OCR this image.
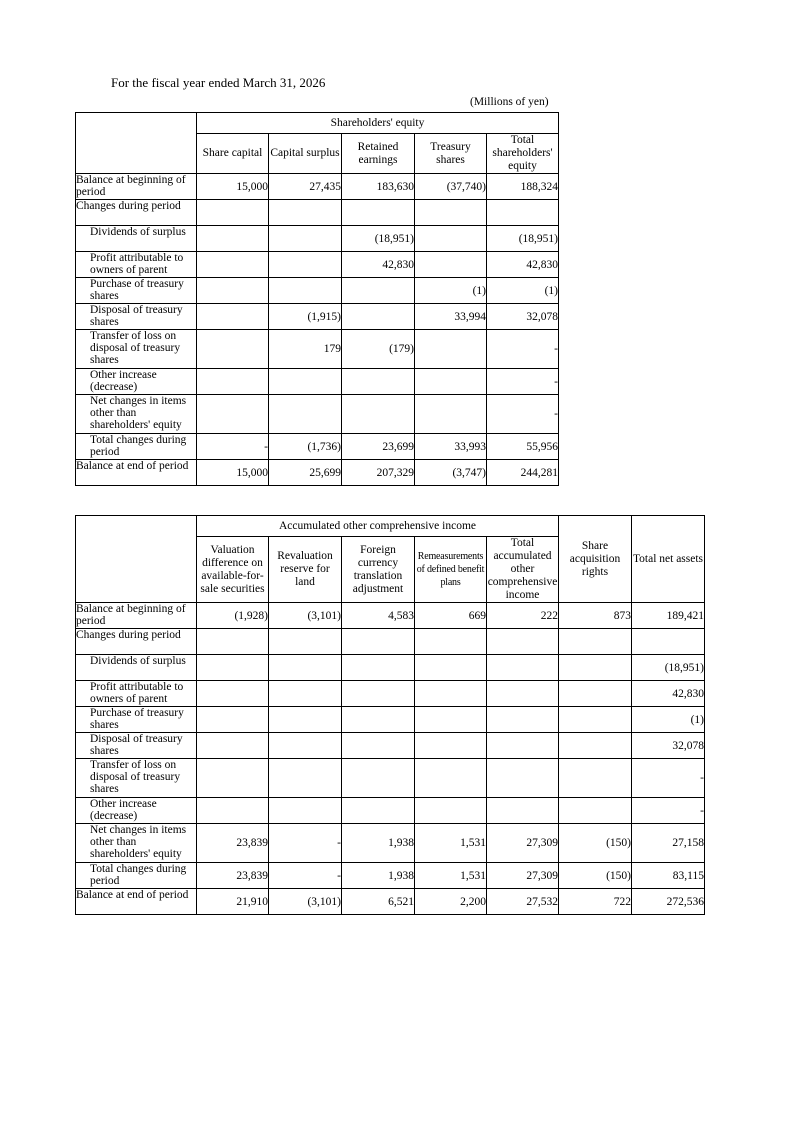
For the fiscal year ended March 31, 2026
(Millions of yen)
	Shareholders' equity				
	Share capital	Capital surplus	Retained earnings	Treasury shares	Total shareholders' equity
Balance at beginning of period	15,000	27,435	183,630	(37,740)	188,324
Changes during period					
Dividends of surplus			(18,951)		(18,951)
Profit attributable to owners of parent			42,830		42,830
Purchase of treasury shares				(1)	(1)
Disposal of treasury shares		(1,915)		33,994	32,078
Transfer of loss on disposal of treasury shares		179	(179)		-
Other increase (decrease)					-
Net changes in items other than shareholders' equity					-
Total changes during period	-	(1,736)	23,699	33,993	55,956
Balance at end of period	15,000	25,699	207,329	(3,747)	244,281
	Accumulated other comprehensive income					Share acquisition rights	Total net assets
	Valuation difference on available-for-sale securities	Revaluation reserve for land	Foreign currency translation adjustment	Remeasurements of defined benefit plans	Total accumulated other comprehensive income		
Balance at beginning of period	(1,928)	(3,101)	4,583	669	222	873	189,421
Changes during period							
Dividends of surplus							(18,951)
Profit attributable to owners of parent							42,830
Purchase of treasury shares							(1)
Disposal of treasury shares							32,078
Transfer of loss on disposal of treasury shares							-
Other increase (decrease)							-
Net changes in items other than shareholders' equity	23,839	-	1,938	1,531	27,309	(150)	27,158
Total changes during period	23,839	-	1,938	1,531	27,309	(150)	83,115
Balance at end of period	21,910	(3,101)	6,521	2,200	27,532	722	272,536
